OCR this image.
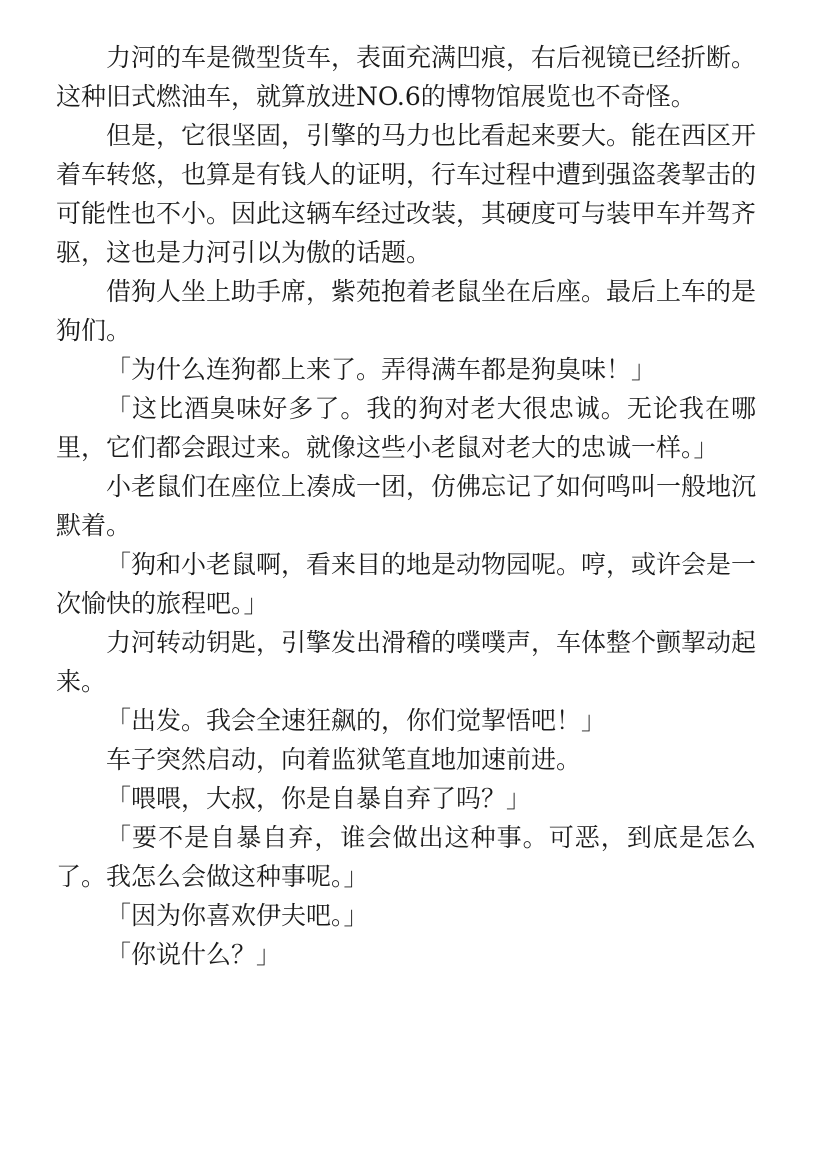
力河的车是微型货车，表面充满凹痕，右后视镜已经折断。这种旧式燃油车，就算放进NO.6的博物馆展览也不奇怪。

但是，它很坚固，引擎的马力也比看起来要大。能在西区开着车转悠，也算是有钱人的证明，行车过程中遭到强盗袭挈击的可能性也不小。因此这辆车经过改装，其硬度可与装甲车并驾齐驱，这也是力河引以为傲的话题。

借狗人坐上助手席，紫苑抱着老鼠坐在后座。最后上车的是狗们。

「为什么连狗都上来了。弄得满车都是狗臭味！」

「这比酒臭味好多了。我的狗对老大很忠诚。无论我在哪里，它们都会跟过来。就像这些小老鼠对老大的忠诚一样。」

小老鼠们在座位上凑成一团，仿佛忘记了如何鸣叫一般地沉默着。

「狗和小老鼠啊，看来目的地是动物园呢。哼，或许会是一次愉快的旅程吧。」

力河转动钥匙，引擎发出滑稽的噗噗声，车体整个颤挈动起来。

「出发。我会全速狂飙的，你们觉挈悟吧！」

车子突然启动，向着监狱笔直地加速前进。

「喂喂，大叔，你是自暴自弃了吗？」

「要不是自暴自弃，谁会做出这种事。可恶，到底是怎么了。我怎么会做这种事呢。」

「因为你喜欢伊夫吧。」

「你说什么？」
